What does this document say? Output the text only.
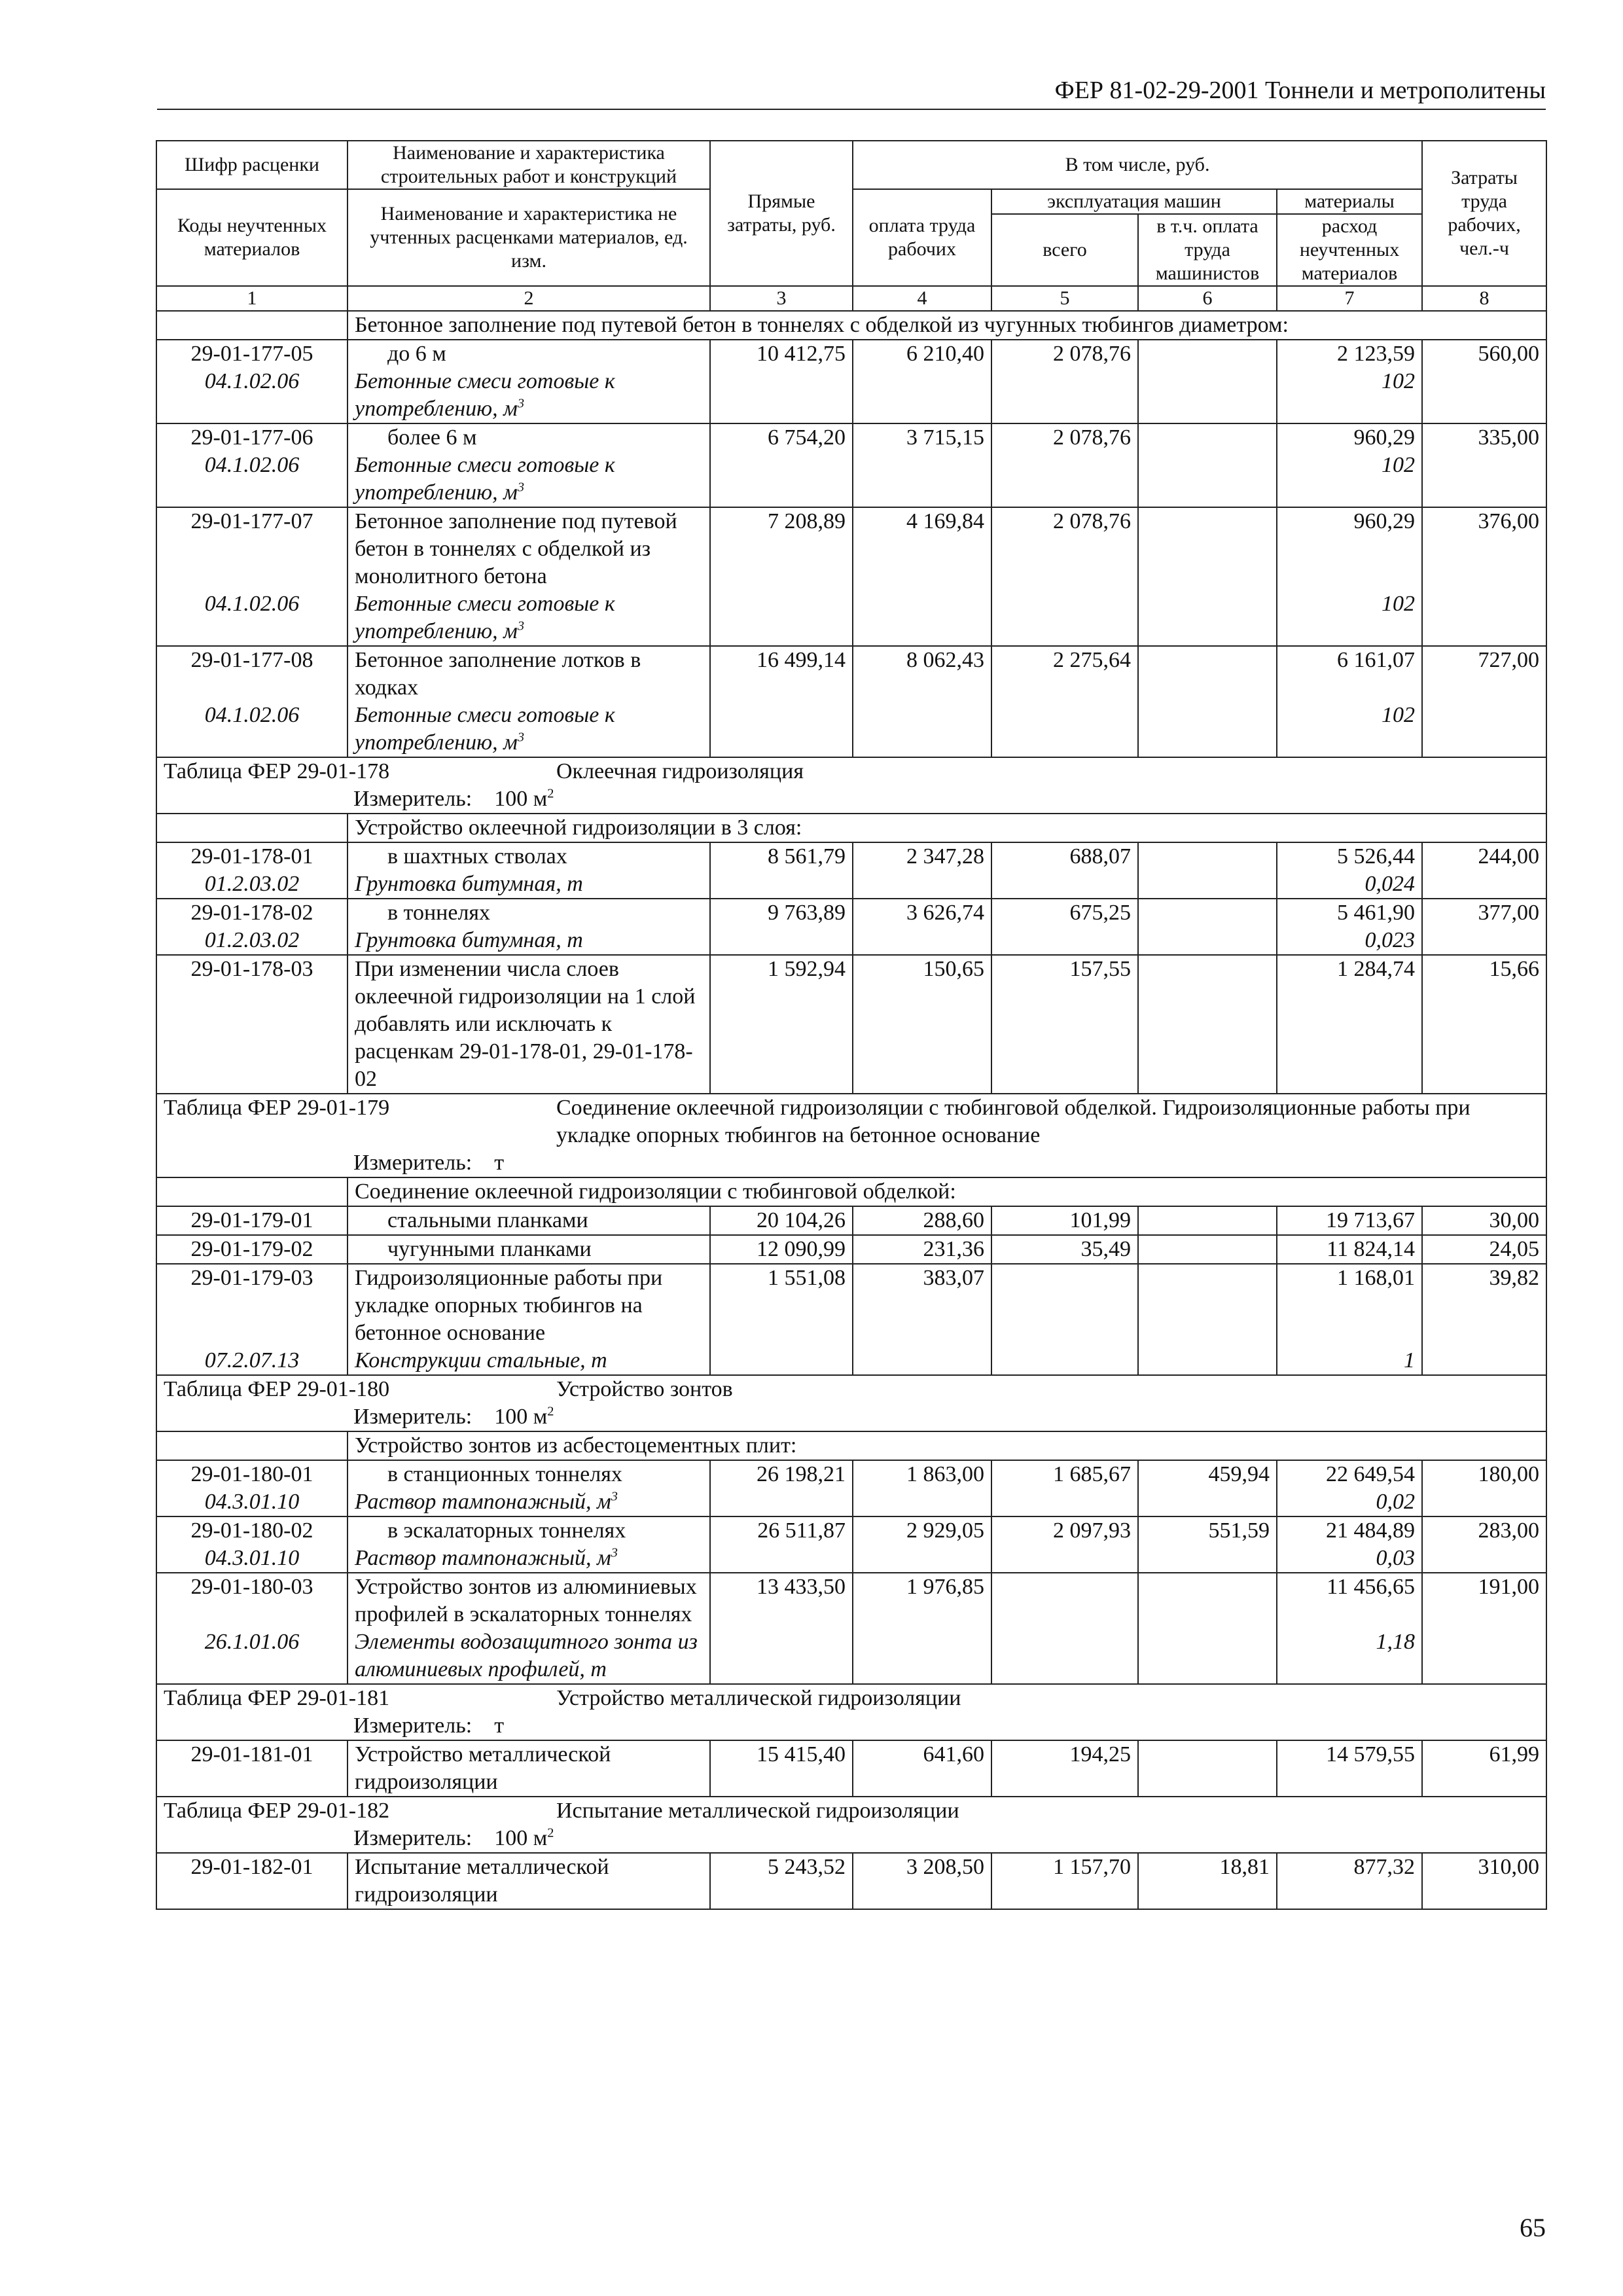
ФЕР 81-02-29-2001 Тоннели и метрополитены
Шифр расценки	Наименование и характеристика строительных работ и конструкций	Прямые затраты, руб.	В том числе, руб.				Затраты труда рабочих, чел.-ч
Коды неучтенных материалов	Наименование и характеристика не учтенных расценками материалов, ед. изм.		оплата труда рабочих	эксплуатация машин		материалы	
				всего	в т.ч. оплата труда машинистов	расход неучтенных материалов	

1	2	3	4	5	6	7	8
	Бетонное заполнение под путевой бетон в тоннелях с обделкой из чугунных тюбингов диаметром:						
29-01-177-05	до 6 м	10 412,75	6 210,40	2 078,76		2 123,59	560,00
04.1.02.06	Бетонные смеси готовые к употреблению, $м^3$					102	
29-01-177-06	более 6 м	6 754,20	3 715,15	2 078,76		960,29	335,00
04.1.02.06	Бетонные смеси готовые к употреблению, $м^3$					102	
29-01-177-07	Бетонное заполнение под путевой бетон в тоннелях с обделкой из монолитного бетона	7 208,89	4 169,84	2 078,76		960,29	376,00
04.1.02.06	Бетонные смеси готовые к употреблению, $м^3$					102	
29-01-177-08	Бетонное заполнение лотков в ходках	16 499,14	8 062,43	2 275,64		6 161,07	727,00
04.1.02.06	Бетонные смеси готовые к употреблению, $м^3$					102	

Таблица ФЕР 29-01-178 Оклеечная гидроизоляция							

Измеритель: 100 $м^2$
	Устройство оклеечной гидроизоляции в 3 слоя:						
29-01-178-01	в шахтных стволах	8 561,79	2 347,28	688,07		5 526,44	244,00
01.2.03.02	Грунтовка битумная, т					0,024	
29-01-178-02	в тоннелях	9 763,89	3 626,74	675,25		5 461,90	377,00
01.2.03.02	Грунтовка битумная, т					0,023	
29-01-178-03	При изменении числа слоев оклеечной гидроизоляции на 1 слой добавлять или исключать к расценкам 29-01-178-01, 29-01-178-02	1 592,94	150,65	157,55		1 284,74	15,66

Таблица ФЕР 29-01-179 Соединение оклеечной гидроизоляции с тюбинговой обделкой. Гидроизоляционные работы при укладке опорных тюбингов на бетонное основание							

Измеритель: т							
	Соединение оклеечной гидроизоляции с тюбинговой обделкой:						
29-01-179-01	стальными планками	20 104,26	288,60	101,99		19 713,67	30,00
29-01-179-02	чугунными планками	12 090,99	231,36	35,49		11 824,14	24,05
29-01-179-03	Гидроизоляционные работы при укладке опорных тюбингов на бетонное основание	1 551,08	383,07			1 168,01	39,82
07.2.07.13	Конструкции стальные, т					1	

Таблица ФЕР 29-01-180 Устройство зонтов							

Измеритель: 100 $м^2$
	Устройство зонтов из асбестоцементных плит:						
29-01-180-01	в станционных тоннелях	26 198,21	1 863,00	1 685,67	459,94	22 649,54	180,00
04.3.01.10	Раствор тампонажный, $м^3$					0,02	
29-01-180-02	в эскалаторных тоннелях	26 511,87	2 929,05	2 097,93	551,59	21 484,89	283,00
04.3.01.10	Раствор тампонажный, $м^3$					0,03	
29-01-180-03	Устройство зонтов из алюминиевых профилей в эскалаторных тоннелях	13 433,50	1 976,85			11 456,65	191,00
26.1.01.06	Элементы водозащитного зонта из алюминиевых профилей, т					1,18	

Таблица ФЕР 29-01-181 Устройство металлической гидроизоляции							

Измеритель: т							
29-01-181-01	Устройство металлической гидроизоляции	15 415,40	641,60	194,25		14 579,55	61,99

Таблица ФЕР 29-01-182 Испытание металлической гидроизоляции							

Измеритель: 100 $м^2$
29-01-182-01	Испытание металлической гидроизоляции	5 243,52	3 208,50	1 157,70	18,81	877,32	310,00
65
